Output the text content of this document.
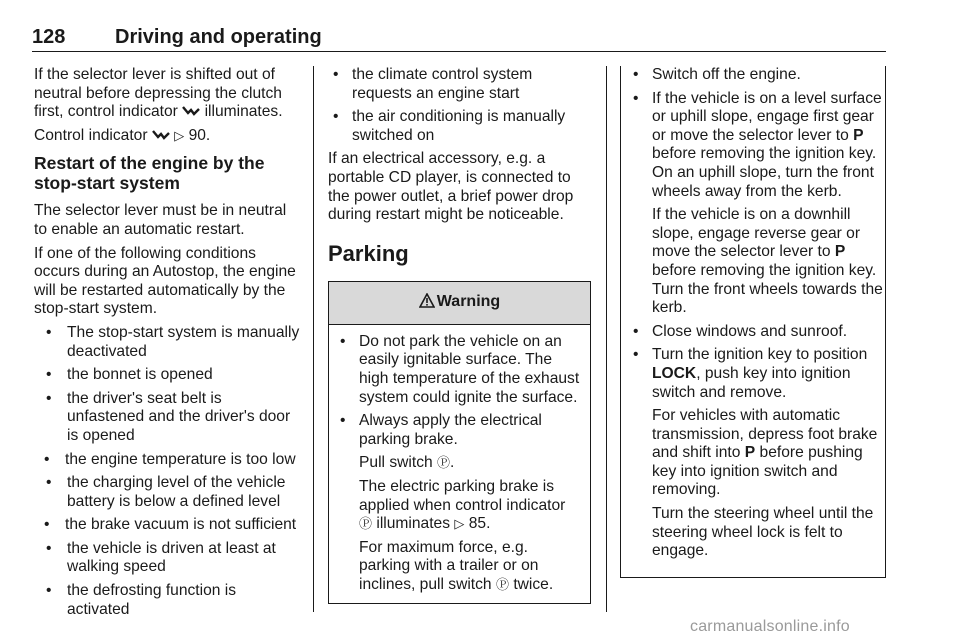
128 Driving and operating

If the selector lever is shifted out of neutral before depressing the clutch first, control indicator illuminates.

Control indicator ▷ 90.

Restart of the engine by the stop-start system

The selector lever must be in neutral to enable an automatic restart.

If one of the following conditions occurs during an Autostop, the engine will be restarted automatically by the stop-start system.

• The stop-start system is manually deactivated
• the bonnet is opened
• the driver's seat belt is unfastened and the driver's door is opened
• the engine temperature is too low
• the charging level of the vehicle battery is below a defined level
• the brake vacuum is not sufficient
• the vehicle is driven at least at walking speed
• the defrosting function is activated
• the climate control system requests an engine start
• the air conditioning is manually switched on

If an electrical accessory, e.g. a portable CD player, is connected to the power outlet, a brief power drop during restart might be noticeable.

Parking
Warning
• Do not park the vehicle on an easily ignitable surface. The high temperature of the exhaust system could ignite the surface.
• Always apply the electrical parking brake.
Pull switch Ⓟ.
The electric parking brake is applied when control indicator Ⓟ illuminates ▷ 85.
For maximum force, e.g. parking with a trailer or on inclines, pull switch Ⓟ twice.
• Switch off the engine.
• If the vehicle is on a level surface or uphill slope, engage first gear or move the selector lever to P before removing the ignition key. On an uphill slope, turn the front wheels away from the kerb.
If the vehicle is on a downhill slope, engage reverse gear or move the selector lever to P before removing the ignition key. Turn the front wheels towards the kerb.
• Close windows and sunroof.
• Turn the ignition key to position LOCK, push key into ignition switch and remove.
For vehicles with automatic transmission, depress foot brake and shift into P before pushing key into ignition switch and removing.
Turn the steering wheel until the steering wheel lock is felt to engage.
carmanualsonline.info
